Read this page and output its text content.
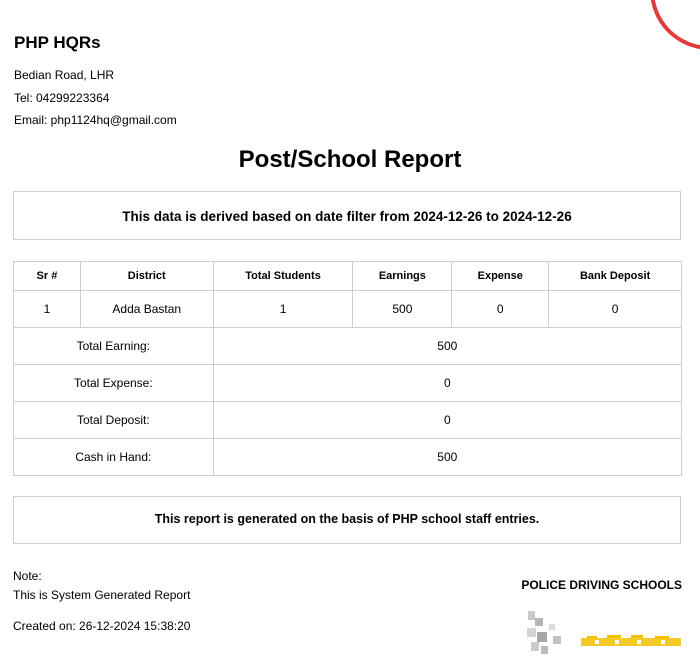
PHP HQRs
Bedian Road, LHR
Tel: 04299223364
Email: php1124hq@gmail.com
Post/School Report
This data is derived based on date filter from 2024-12-26 to 2024-12-26
Sr #	District	Total Students	Earnings	Expense	Bank Deposit
1	Adda Bastan	1	500	0	0
Total Earning:		500			
Total Expense:		0			
Total Deposit:		0			
Cash in Hand:		500			
This report is generated on the basis of PHP school staff entries.
Note:
This is System Generated Report
Created on: 26-12-2024 15:38:20
POLICE DRIVING SCHOOLS
